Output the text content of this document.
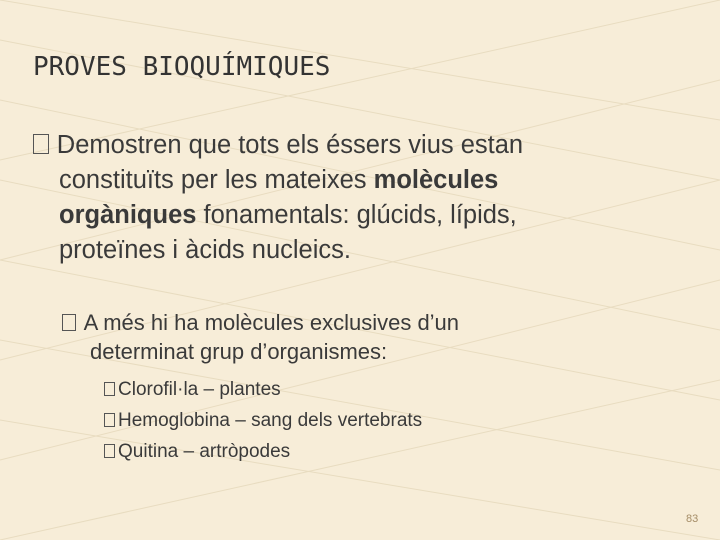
PROVES BIOQUÍMIQUES
Demostren que tots els éssers vius estan
constituïts per les mateixes molècules
orgàniques fonamentals: glúcids, lípids,
proteïnes i àcids nucleics.
A més hi ha molècules exclusives d’un
determinat grup d’organismes:
Clorofil·la – plantes
Hemoglobina – sang dels vertebrats
Quitina – artròpodes
83
